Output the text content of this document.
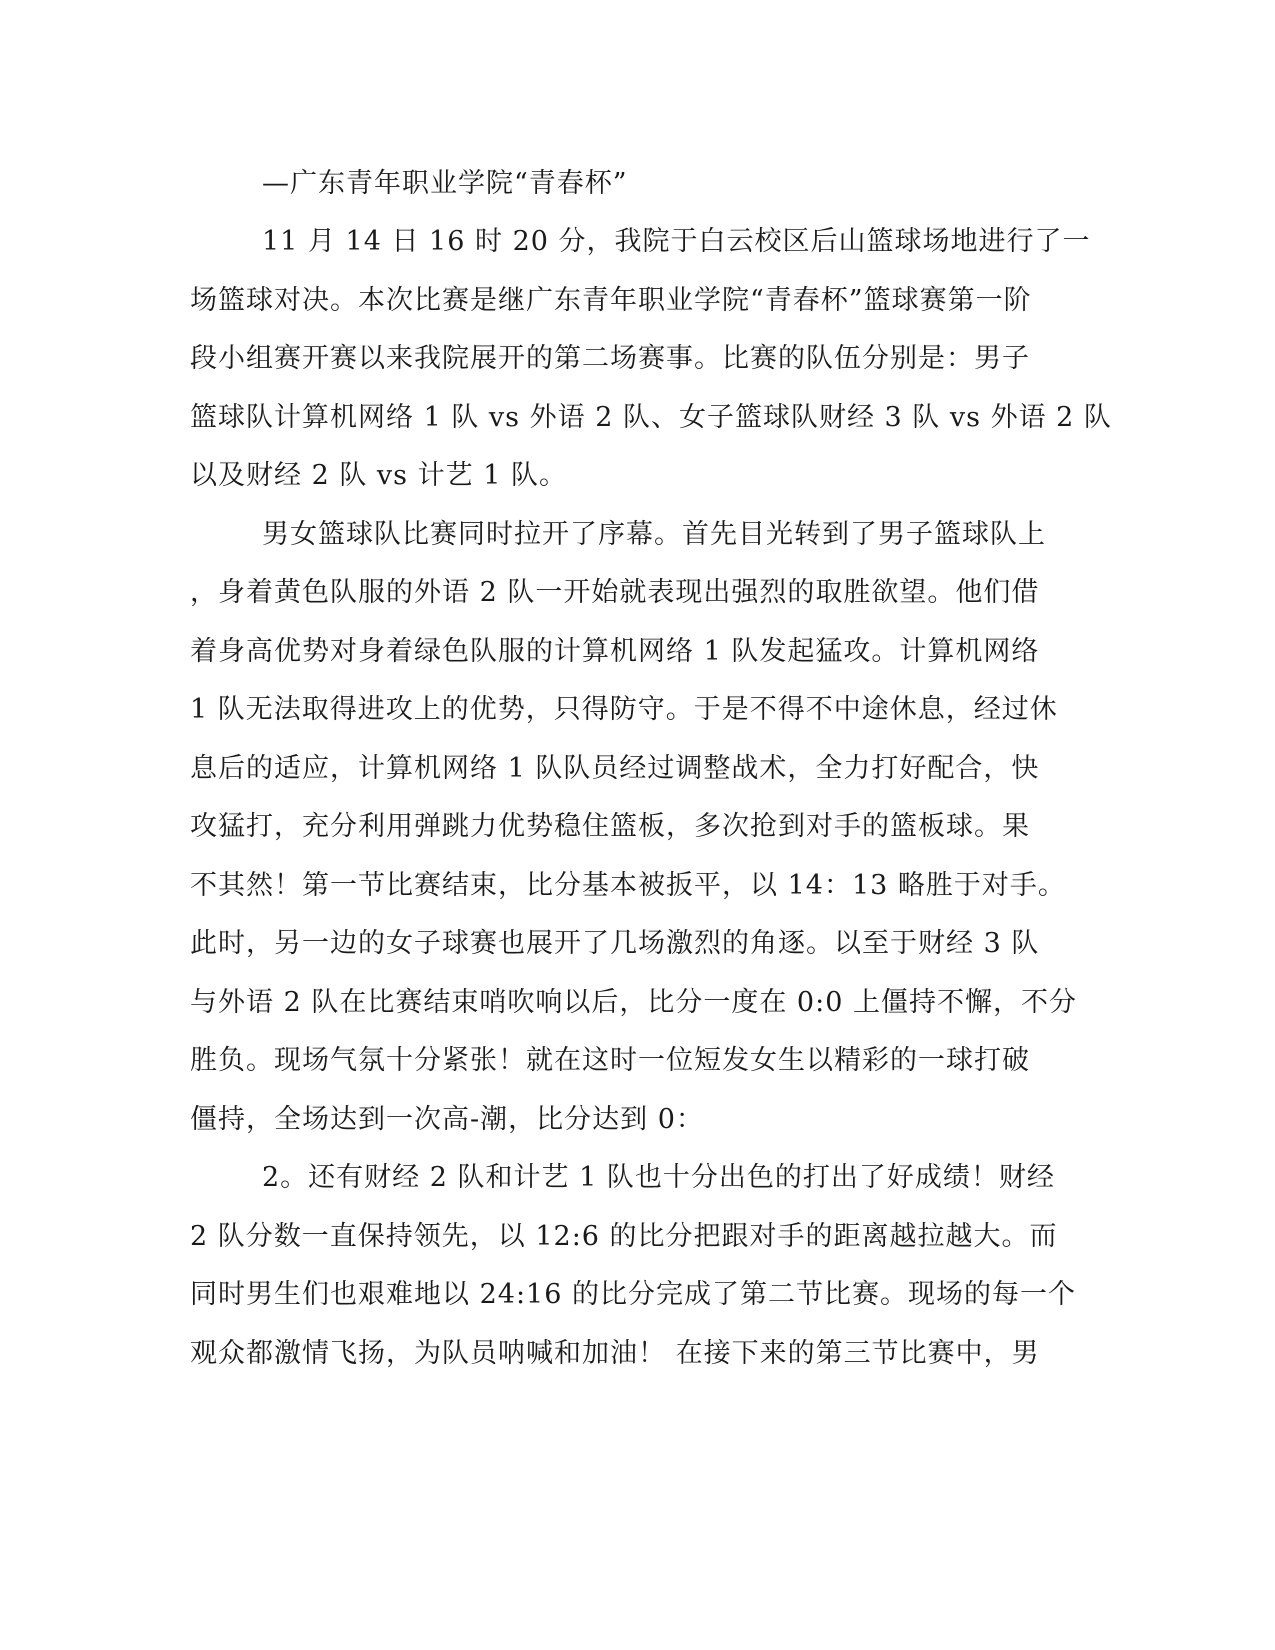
—广东青年职业学院“青春杯”
11 月 14 日 16 时 20 分，我院于白云校区后山篮球场地进行了一
场篮球对决。本次比赛是继广东青年职业学院“青春杯”篮球赛第一阶
段小组赛开赛以来我院展开的第二场赛事。比赛的队伍分别是：男子
篮球队计算机网络 1 队 vs 外语 2 队、女子篮球队财经 3 队 vs 外语 2 队
以及财经 2 队 vs 计艺 1 队。
男女篮球队比赛同时拉开了序幕。首先目光转到了男子篮球队上
，身着黄色队服的外语 2 队一开始就表现出强烈的取胜欲望。他们借
着身高优势对身着绿色队服的计算机网络 1 队发起猛攻。计算机网络
1 队无法取得进攻上的优势，只得防守。于是不得不中途休息，经过休
息后的适应，计算机网络 1 队队员经过调整战术，全力打好配合，快
攻猛打，充分利用弹跳力优势稳住篮板，多次抢到对手的篮板球。果
不其然！第一节比赛结束，比分基本被扳平，以 14：13 略胜于对手。
此时，另一边的女子球赛也展开了几场激烈的角逐。以至于财经 3 队
与外语 2 队在比赛结束哨吹响以后，比分一度在 0:0 上僵持不懈，不分
胜负。现场气氛十分紧张！就在这时一位短发女生以精彩的一球打破
僵持，全场达到一次高-潮，比分达到 0：
2。还有财经 2 队和计艺 1 队也十分出色的打出了好成绩！财经
2 队分数一直保持领先，以 12:6 的比分把跟对手的距离越拉越大。而
同时男生们也艰难地以 24:16 的比分完成了第二节比赛。现场的每一个
观众都激情飞扬，为队员呐喊和加油！ 在接下来的第三节比赛中，男
